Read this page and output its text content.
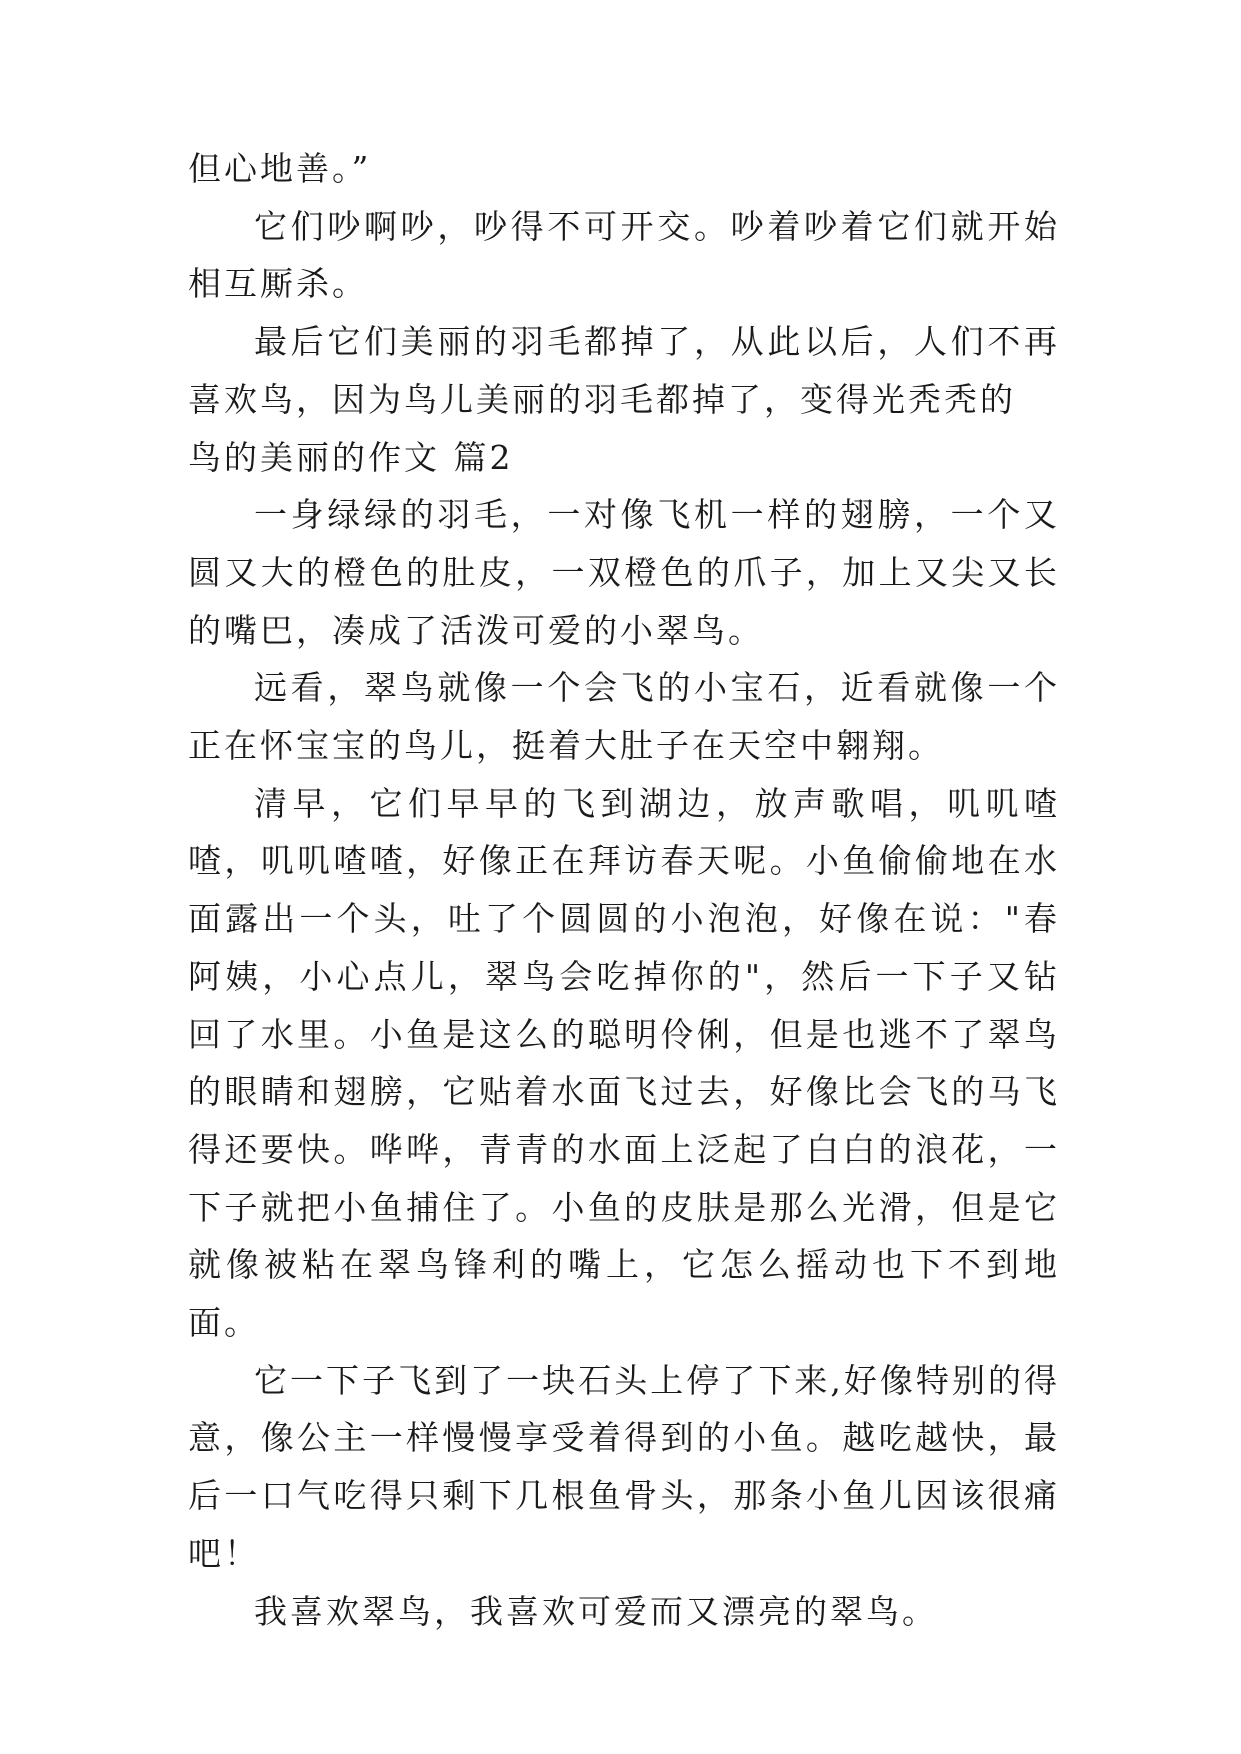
但心地善。”

它们吵啊吵，吵得不可开交。吵着吵着它们就开始相互厮杀。

最后它们美丽的羽毛都掉了，从此以后，人们不再喜欢鸟，因为鸟儿美丽的羽毛都掉了，变得光秃秃的

鸟的美丽的作文 篇2

一身绿绿的羽毛，一对像飞机一样的翅膀，一个又圆又大的橙色的肚皮，一双橙色的爪子，加上又尖又长的嘴巴，凑成了活泼可爱的小翠鸟。

远看，翠鸟就像一个会飞的小宝石，近看就像一个正在怀宝宝的鸟儿，挺着大肚子在天空中翱翔。

清早，它们早早的飞到湖边，放声歌唱，叽叽喳喳，叽叽喳喳，好像正在拜访春天呢。小鱼偷偷地在水面露出一个头，吐了个圆圆的小泡泡，好像在说："春阿姨，小心点儿，翠鸟会吃掉你的"，然后一下子又钻回了水里。小鱼是这么的聪明伶俐，但是也逃不了翠鸟的眼睛和翅膀，它贴着水面飞过去，好像比会飞的马飞得还要快。哗哗，青青的水面上泛起了白白的浪花，一下子就把小鱼捕住了。小鱼的皮肤是那么光滑，但是它就像被粘在翠鸟锋利的嘴上，它怎么摇动也下不到地面。

它一下子飞到了一块石头上停了下来,好像特别的得意，像公主一样慢慢享受着得到的小鱼。越吃越快，最后一口气吃得只剩下几根鱼骨头，那条小鱼儿因该很痛吧！

我喜欢翠鸟，我喜欢可爱而又漂亮的翠鸟。
